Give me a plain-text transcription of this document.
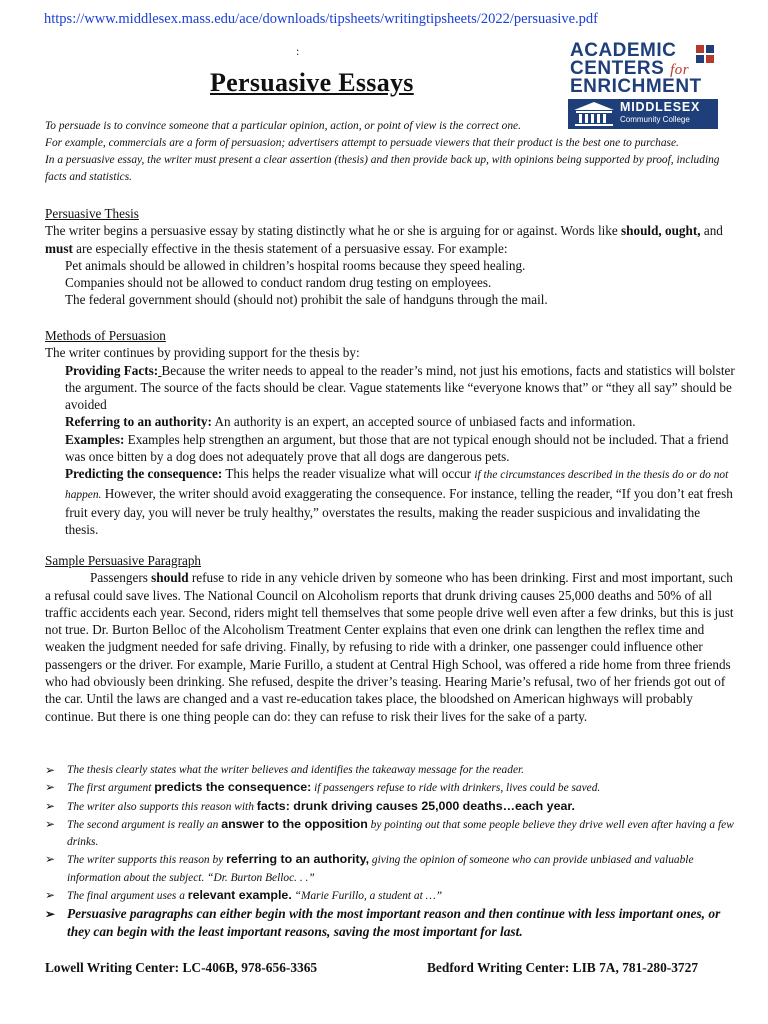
https://www.middlesex.mass.edu/ace/downloads/tipsheets/writingtipsheets/2022/persuasive.pdf
:
Persuasive Essays
ACADEMIC
CENTERS for
ENRICHMENT
MIDDLESEX
Community College
To persuade is to convince someone that a particular opinion, action, or point of view is the correct one.
For example, commercials are a form of persuasion; advertisers attempt to persuade viewers that their product is the best one to purchase.
In a persuasive essay, the writer must present a clear assertion (thesis) and then provide back up, with opinions being supported by proof, including facts and statistics.
Persuasive Thesis
The writer begins a persuasive essay by stating distinctly what he or she is arguing for or against. Words like should, ought, and must are especially effective in the thesis statement of a persuasive essay. For example:
Pet animals should be allowed in children’s hospital rooms because they speed healing.
Companies should not be allowed to conduct random drug testing on employees.
The federal government should (should not) prohibit the sale of handguns through the mail.
Methods of Persuasion
The writer continues by providing support for the thesis by:
Providing Facts: Because the writer needs to appeal to the reader’s mind, not just his emotions, facts and statistics will bolster the argument. The source of the facts should be clear. Vague statements like “everyone knows that” or “they all say” should be avoided
Referring to an authority: An authority is an expert, an accepted source of unbiased facts and information.
Examples: Examples help strengthen an argument, but those that are not typical enough should not be included. That a friend was once bitten by a dog does not adequately prove that all dogs are dangerous pets.
Predicting the consequence: This helps the reader visualize what will occur if the circumstances described in the thesis do or do not happen. However, the writer should avoid exaggerating the consequence. For instance, telling the reader, “If you don’t eat fresh fruit every day, you will never be truly healthy,” overstates the results, making the reader suspicious and invalidating the thesis.
Sample Persuasive Paragraph
Passengers should refuse to ride in any vehicle driven by someone who has been drinking. First and most important, such a refusal could save lives. The National Council on Alcoholism reports that drunk driving causes 25,000 deaths and 50% of all traffic accidents each year. Second, riders might tell themselves that some people drive well even after a few drinks, but this is just not true. Dr. Burton Belloc of the Alcoholism Treatment Center explains that even one drink can lengthen the reflex time and weaken the judgment needed for safe driving. Finally, by refusing to ride with a drinker, one passenger could influence other passengers or the driver. For example, Marie Furillo, a student at Central High School, was offered a ride home from three friends who had obviously been drinking. She refused, despite the driver’s teasing. Hearing Marie’s refusal, two of her friends got out of the car. Until the laws are changed and a vast re-education takes place, the bloodshed on American highways will probably continue. But there is one thing people can do: they can refuse to risk their lives for the sake of a party.
➢ The thesis clearly states what the writer believes and identifies the takeaway message for the reader.
➢ The first argument predicts the consequence: if passengers refuse to ride with drinkers, lives could be saved.
➢ The writer also supports this reason with facts: drunk driving causes 25,000 deaths…each year.
➢ The second argument is really an answer to the opposition by pointing out that some people believe they drive well even after having a few drinks.
➢ The writer supports this reason by referring to an authority, giving the opinion of someone who can provide unbiased and valuable information about the subject. “Dr. Burton Belloc. . .”
➢ The final argument uses a relevant example. “Marie Furillo, a student at …”
➢ Persuasive paragraphs can either begin with the most important reason and then continue with less important ones, or they can begin with the least important reasons, saving the most important for last.
Lowell Writing Center: LC-406B, 978-656-3365	Bedford Writing Center: LIB 7A, 781-280-3727
